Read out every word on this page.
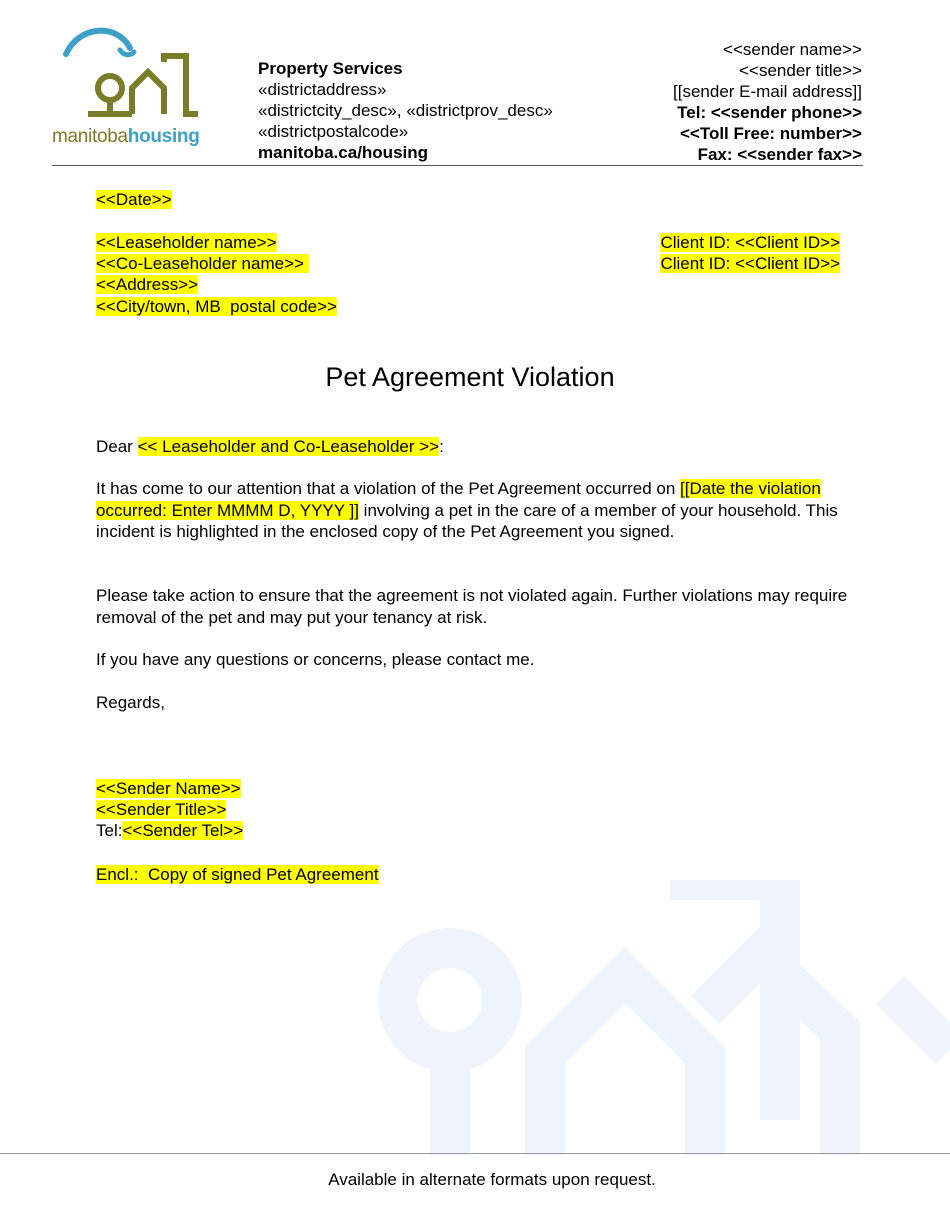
manitobahousing
Property Services
«districtaddress»
«districtcity_desc», «districtprov_desc»
«districtpostalcode»
manitoba.ca/housing
<<sender name>>
<<sender title>>
[[sender E-mail address]]
Tel: <<sender phone>>
<<Toll Free: number>>
Fax: <<sender fax>>
<<Date>>
<<Leaseholder name>>
<<Co-Leaseholder name>>
<<Address>>
<<City/town, MB  postal code>>
Client ID: <<Client ID>>
Client ID: <<Client ID>>
Pet Agreement Violation
Dear << Leaseholder and Co-Leaseholder >>:
It has come to our attention that a violation of the Pet Agreement occurred on [[Date the violation occurred: Enter MMMM D, YYYY ]] involving a pet in the care of a member of your household. This incident is highlighted in the enclosed copy of the Pet Agreement you signed.
Please take action to ensure that the agreement is not violated again. Further violations may require removal of the pet and may put your tenancy at risk.
If you have any questions or concerns, please contact me.
Regards,
<<Sender Name>>
<<Sender Title>>
Tel:<<Sender Tel>>
Encl.:  Copy of signed Pet Agreement
Available in alternate formats upon request.
